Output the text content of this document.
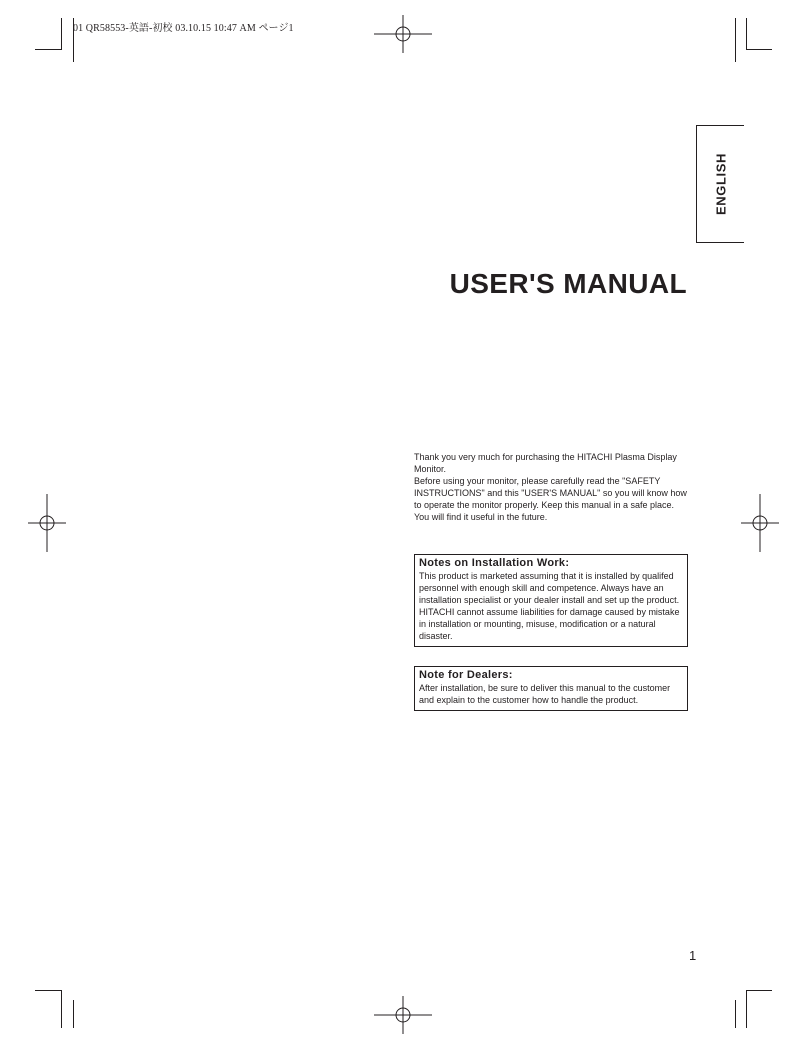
01 QR58553-英語-初校 03.10.15 10:47 AM ページ1
ENGLISH
USER'S MANUAL

Thank you very much for purchasing the HITACHI Plasma Display Monitor.

Before using your monitor, please carefully read the "SAFETY INSTRUCTIONS" and this "USER'S MANUAL" so you will know how to operate the monitor properly. Keep this manual in a safe place. You will find it useful in the future.

Notes on Installation Work:

This product is marketed assuming that it is installed by qualifed personnel with enough skill and competence. Always have an installation specialist or your dealer install and set up the product. HITACHI cannot assume liabilities for damage caused by mistake in installation or mounting, misuse, modification or a natural disaster.

Note for Dealers:

After installation, be sure to deliver this manual to the customer and explain to the customer how to handle the product.

1
